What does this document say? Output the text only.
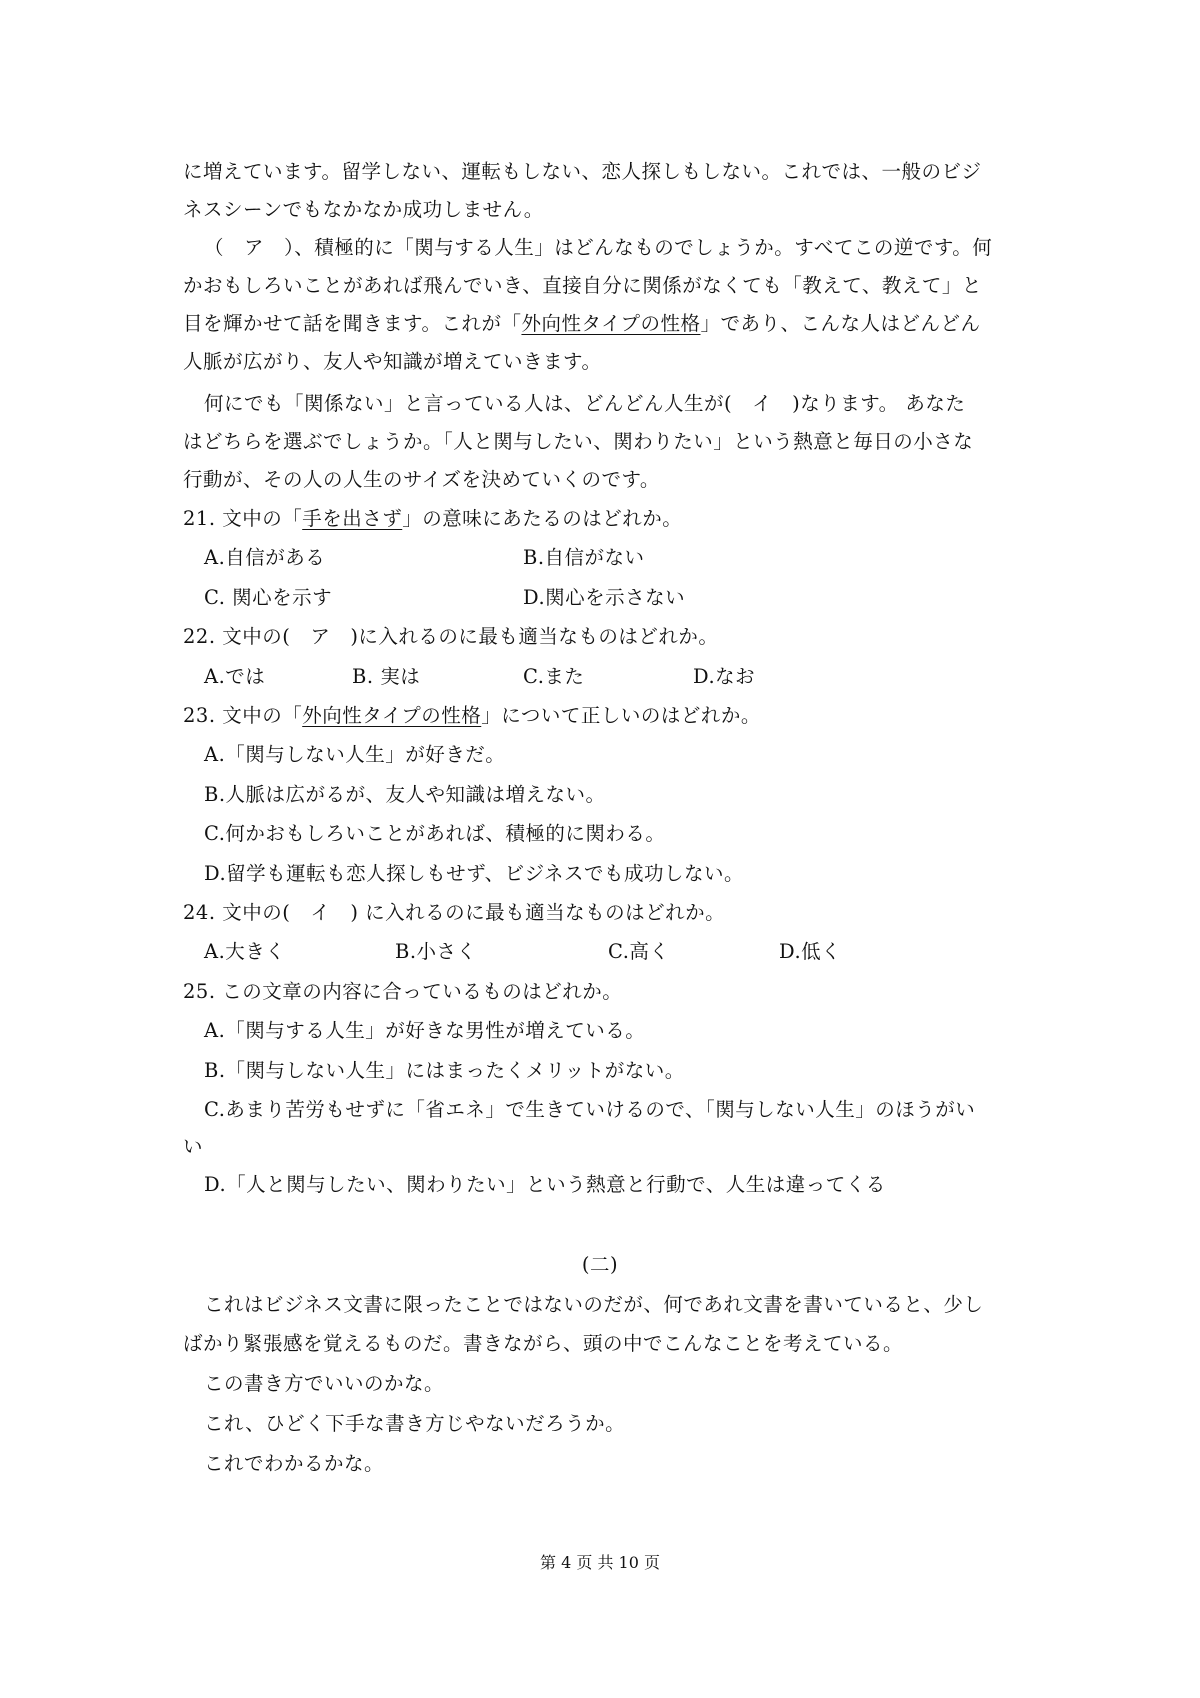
に増えています。留学しない、運転もしない、恋人探しもしない。これでは、一般のビジ
ネスシーンでもなかなか成功しません。
（　ア　）、積極的に「関与する人生」はどんなものでしょうか。すべてこの逆です。何
かおもしろいことがあれば飛んでいき、直接自分に関係がなくても「教えて、教えて」と
目を輝かせて話を聞きます。これが「外向性タイプの性格」であり、こんな人はどんどん
人脈が広がり、友人や知識が増えていきます。
何にでも「関係ない」と言っている人は、どんどん人生が(　イ　)なります。 あなた
はどちらを選ぶでしょうか。「人と関与したい、関わりたい」という熱意と毎日の小さな
行動が、その人の人生のサイズを決めていくのです。
21. 文中の「手を出さず」の意味にあたるのはどれか。
A.自信がある	B.自信がない
C. 関心を示す	D.関心を示さない
22. 文中の(　ア　)に入れるのに最も適当なものはどれか。
A.では	B. 実は	C.また	D.なお
23. 文中の「外向性タイプの性格」について正しいのはどれか。
A.「関与しない人生」が好きだ。
B.人脈は広がるが、友人や知識は増えない。
C.何かおもしろいことがあれば、積極的に関わる。
D.留学も運転も恋人探しもせず、ビジネスでも成功しない。
24. 文中の(　イ　) に入れるのに最も適当なものはどれか。
A.大きく	B.小さく	C.高く	D.低く
25. この文章の内容に合っているものはどれか。
A.「関与する人生」が好きな男性が増えている。
B.「関与しない人生」にはまったくメリットがない。
C.あまり苦労もせずに「省エネ」で生きていけるので、「関与しない人生」のほうがい
い
D.「人と関与したい、関わりたい」という熱意と行動で、人生は違ってくる
(二)
これはビジネス文書に限ったことではないのだが、何であれ文書を書いていると、少し
ばかり緊張感を覚えるものだ。書きながら、頭の中でこんなことを考えている。
この書き方でいいのかな。
これ、ひどく下手な書き方じやないだろうか。
これでわかるかな。
第 4 页 共 10 页
